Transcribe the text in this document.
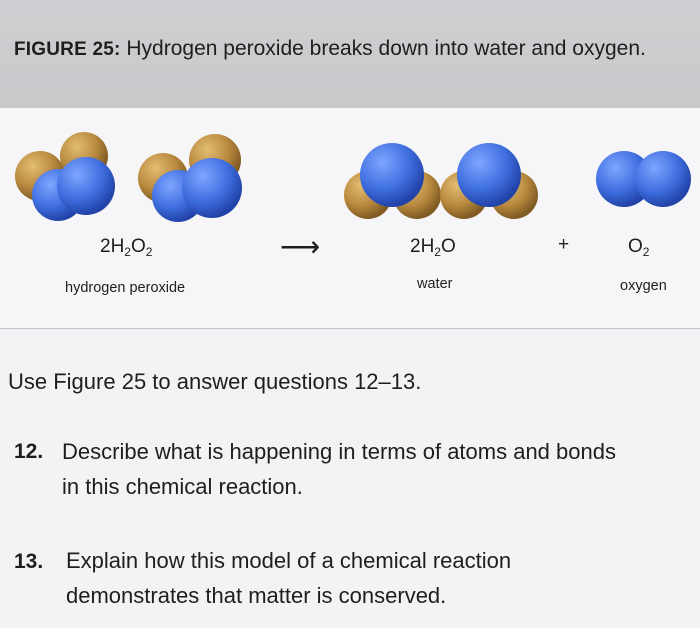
FIGURE 25: Hydrogen peroxide breaks down into water and oxygen.
$2H_2O_2$	⟶	$2H_2O$	+	$O_2$
hydrogen peroxide	water	oxygen
Use Figure 25 to answer questions 12–13.
12. Describe what is happening in terms of atoms and bonds
in this chemical reaction.
13. Explain how this model of a chemical reaction
demonstrates that matter is conserved.
